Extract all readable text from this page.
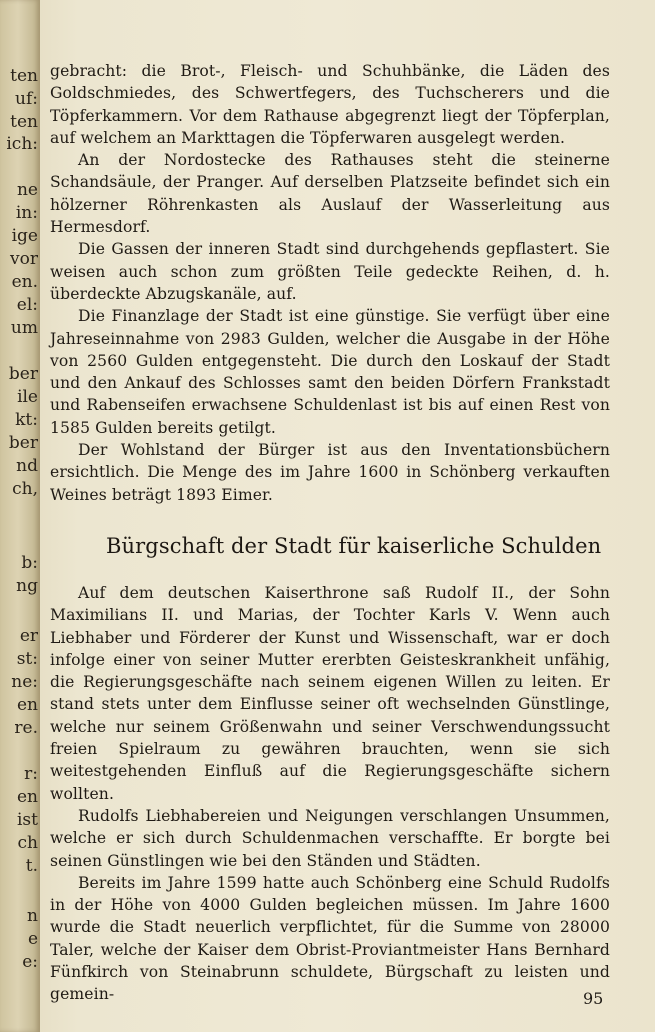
ten
uf:
ten
ich:
ne
in:
ige
vor
en.
el:
um
ber
ile
kt:
ber
nd
ch,
b:
ng
er
st:
ne:
en
re.
r:
en
ist
ch
t.
n
e
e:

gebracht: die Brot-, Fleisch- und Schuhbänke, die Läden des Goldschmiedes, des Schwertfegers, des Tuchscherers und die Töpferkammern. Vor dem Rathause abgegrenzt liegt der Töpferplan, auf welchem an Markttagen die Töpferwaren ausgelegt werden.

An der Nordostecke des Rathauses steht die steinerne Schandsäule, der Pranger. Auf derselben Platzseite befindet sich ein hölzerner Röhrenkasten als Auslauf der Wasserleitung aus Hermesdorf.

Die Gassen der inneren Stadt sind durchgehends gepflastert. Sie weisen auch schon zum größten Teile gedeckte Reihen, d. h. überdeckte Abzugskanäle, auf.

Die Finanzlage der Stadt ist eine günstige. Sie verfügt über eine Jahreseinnahme von 2983 Gulden, welcher die Ausgabe in der Höhe von 2560 Gulden entgegensteht. Die durch den Loskauf der Stadt und den Ankauf des Schlosses samt den beiden Dörfern Frankstadt und Rabenseifen erwachsene Schuldenlast ist bis auf einen Rest von 1585 Gulden bereits getilgt.

Der Wohlstand der Bürger ist aus den Inventationsbüchern ersichtlich. Die Menge des im Jahre 1600 in Schönberg verkauften Weines beträgt 1893 Eimer.

Bürgschaft der Stadt für kaiserliche Schulden

Auf dem deutschen Kaiserthrone saß Rudolf II., der Sohn Maximilians II. und Marias, der Tochter Karls V. Wenn auch Liebhaber und Förderer der Kunst und Wissenschaft, war er doch infolge einer von seiner Mutter ererbten Geisteskrankheit unfähig, die Regierungsgeschäfte nach seinem eigenen Willen zu leiten. Er stand stets unter dem Einflusse seiner oft wechselnden Günstlinge, welche nur seinem Größenwahn und seiner Verschwendungssucht freien Spielraum zu gewähren brauchten, wenn sie sich weitestgehenden Einfluß auf die Regierungsgeschäfte sichern wollten.

Rudolfs Liebhabereien und Neigungen verschlangen Unsummen, welche er sich durch Schuldenmachen verschaffte. Er borgte bei seinen Günstlingen wie bei den Ständen und Städten.

Bereits im Jahre 1599 hatte auch Schönberg eine Schuld Rudolfs in der Höhe von 4000 Gulden begleichen müssen. Im Jahre 1600 wurde die Stadt neuerlich verpflichtet, für die Summe von 28000 Taler, welche der Kaiser dem Obrist-Proviantmeister Hans Bernhard Fünfkirch von Steinabrunn schuldete, Bürgschaft zu leisten und gemein-	95
